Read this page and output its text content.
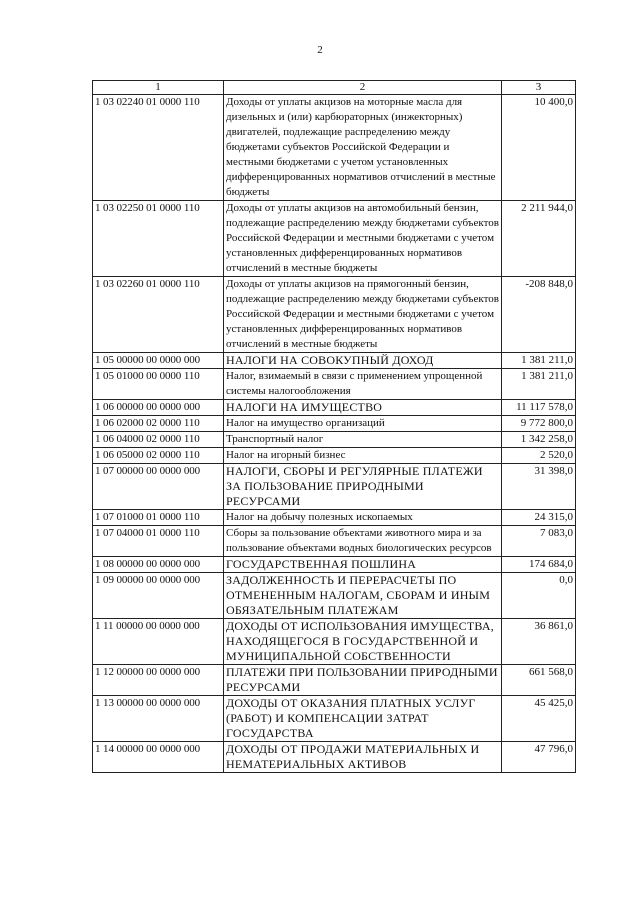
2
1	2	3
1 03 02240 01 0000 110	Доходы от уплаты акцизов на моторные масла для дизельных и (или) карбюраторных (инжекторных) двигателей, подлежащие распределению между бюджетами субъектов Российской Федерации и местными бюджетами с учетом установленных дифференцированных нормативов отчислений в местные бюджеты	10 400,0
1 03 02250 01 0000 110	Доходы от уплаты акцизов на автомобильный бензин, подлежащие распределению между бюджетами субъектов Российской Федерации и местными бюджетами с учетом установленных дифференцированных нормативов отчислений в местные бюджеты	2 211 944,0
1 03 02260 01 0000 110	Доходы от уплаты акцизов на прямогонный бензин, подлежащие распределению между бюджетами субъектов Российской Федерации и местными бюджетами с учетом установленных дифференцированных нормативов отчислений в местные бюджеты	-208 848,0
1 05 00000 00 0000 000	НАЛОГИ НА СОВОКУПНЫЙ ДОХОД	1 381 211,0
1 05 01000 00 0000 110	Налог, взимаемый в связи с применением упрощенной системы налогообложения	1 381 211,0
1 06 00000 00 0000 000	НАЛОГИ НА ИМУЩЕСТВО	11 117 578,0
1 06 02000 02 0000 110	Налог на имущество организаций	9 772 800,0
1 06 04000 02 0000 110	Транспортный налог	1 342 258,0
1 06 05000 02 0000 110	Налог на игорный бизнес	2 520,0
1 07 00000 00 0000 000	НАЛОГИ, СБОРЫ И РЕГУЛЯРНЫЕ ПЛАТЕЖИ ЗА ПОЛЬЗОВАНИЕ ПРИРОДНЫМИ РЕСУРСАМИ	31 398,0
1 07 01000 01 0000 110	Налог на добычу полезных ископаемых	24 315,0
1 07 04000 01 0000 110	Сборы за пользование объектами животного мира и за пользование объектами водных биологических ресурсов	7 083,0
1 08 00000 00 0000 000	ГОСУДАРСТВЕННАЯ ПОШЛИНА	174 684,0
1 09 00000 00 0000 000	ЗАДОЛЖЕННОСТЬ И ПЕРЕРАСЧЕТЫ ПО ОТМЕНЕННЫМ НАЛОГАМ, СБОРАМ И ИНЫМ ОБЯЗАТЕЛЬНЫМ ПЛАТЕЖАМ	0,0
1 11 00000 00 0000 000	ДОХОДЫ ОТ ИСПОЛЬЗОВАНИЯ ИМУЩЕСТВА, НАХОДЯЩЕГОСЯ В ГОСУДАРСТВЕННОЙ И МУНИЦИПАЛЬНОЙ СОБСТВЕННОСТИ	36 861,0
1 12 00000 00 0000 000	ПЛАТЕЖИ ПРИ ПОЛЬЗОВАНИИ ПРИРОДНЫМИ РЕСУРСАМИ	661 568,0
1 13 00000 00 0000 000	ДОХОДЫ ОТ ОКАЗАНИЯ ПЛАТНЫХ УСЛУГ (РАБОТ) И КОМПЕНСАЦИИ ЗАТРАТ ГОСУДАРСТВА	45 425,0
1 14 00000 00 0000 000	ДОХОДЫ ОТ ПРОДАЖИ МАТЕРИАЛЬНЫХ И НЕМАТЕРИАЛЬНЫХ АКТИВОВ	47 796,0
